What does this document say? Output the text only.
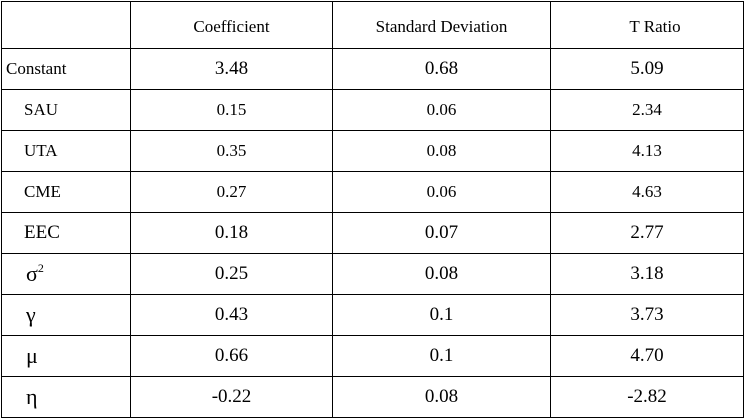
	Coefficient	Standard Deviation	T Ratio
Constant	3.48	0.68	5.09
SAU	0.15	0.06	2.34
UTA	0.35	0.08	4.13
CME	0.27	0.06	4.63
EEC	0.18	0.07	2.77
$\sigma^2$	0.25	0.08	3.18
γ	0.43	0.1	3.73
μ	0.66	0.1	4.70
η	-0.22	0.08	-2.82
